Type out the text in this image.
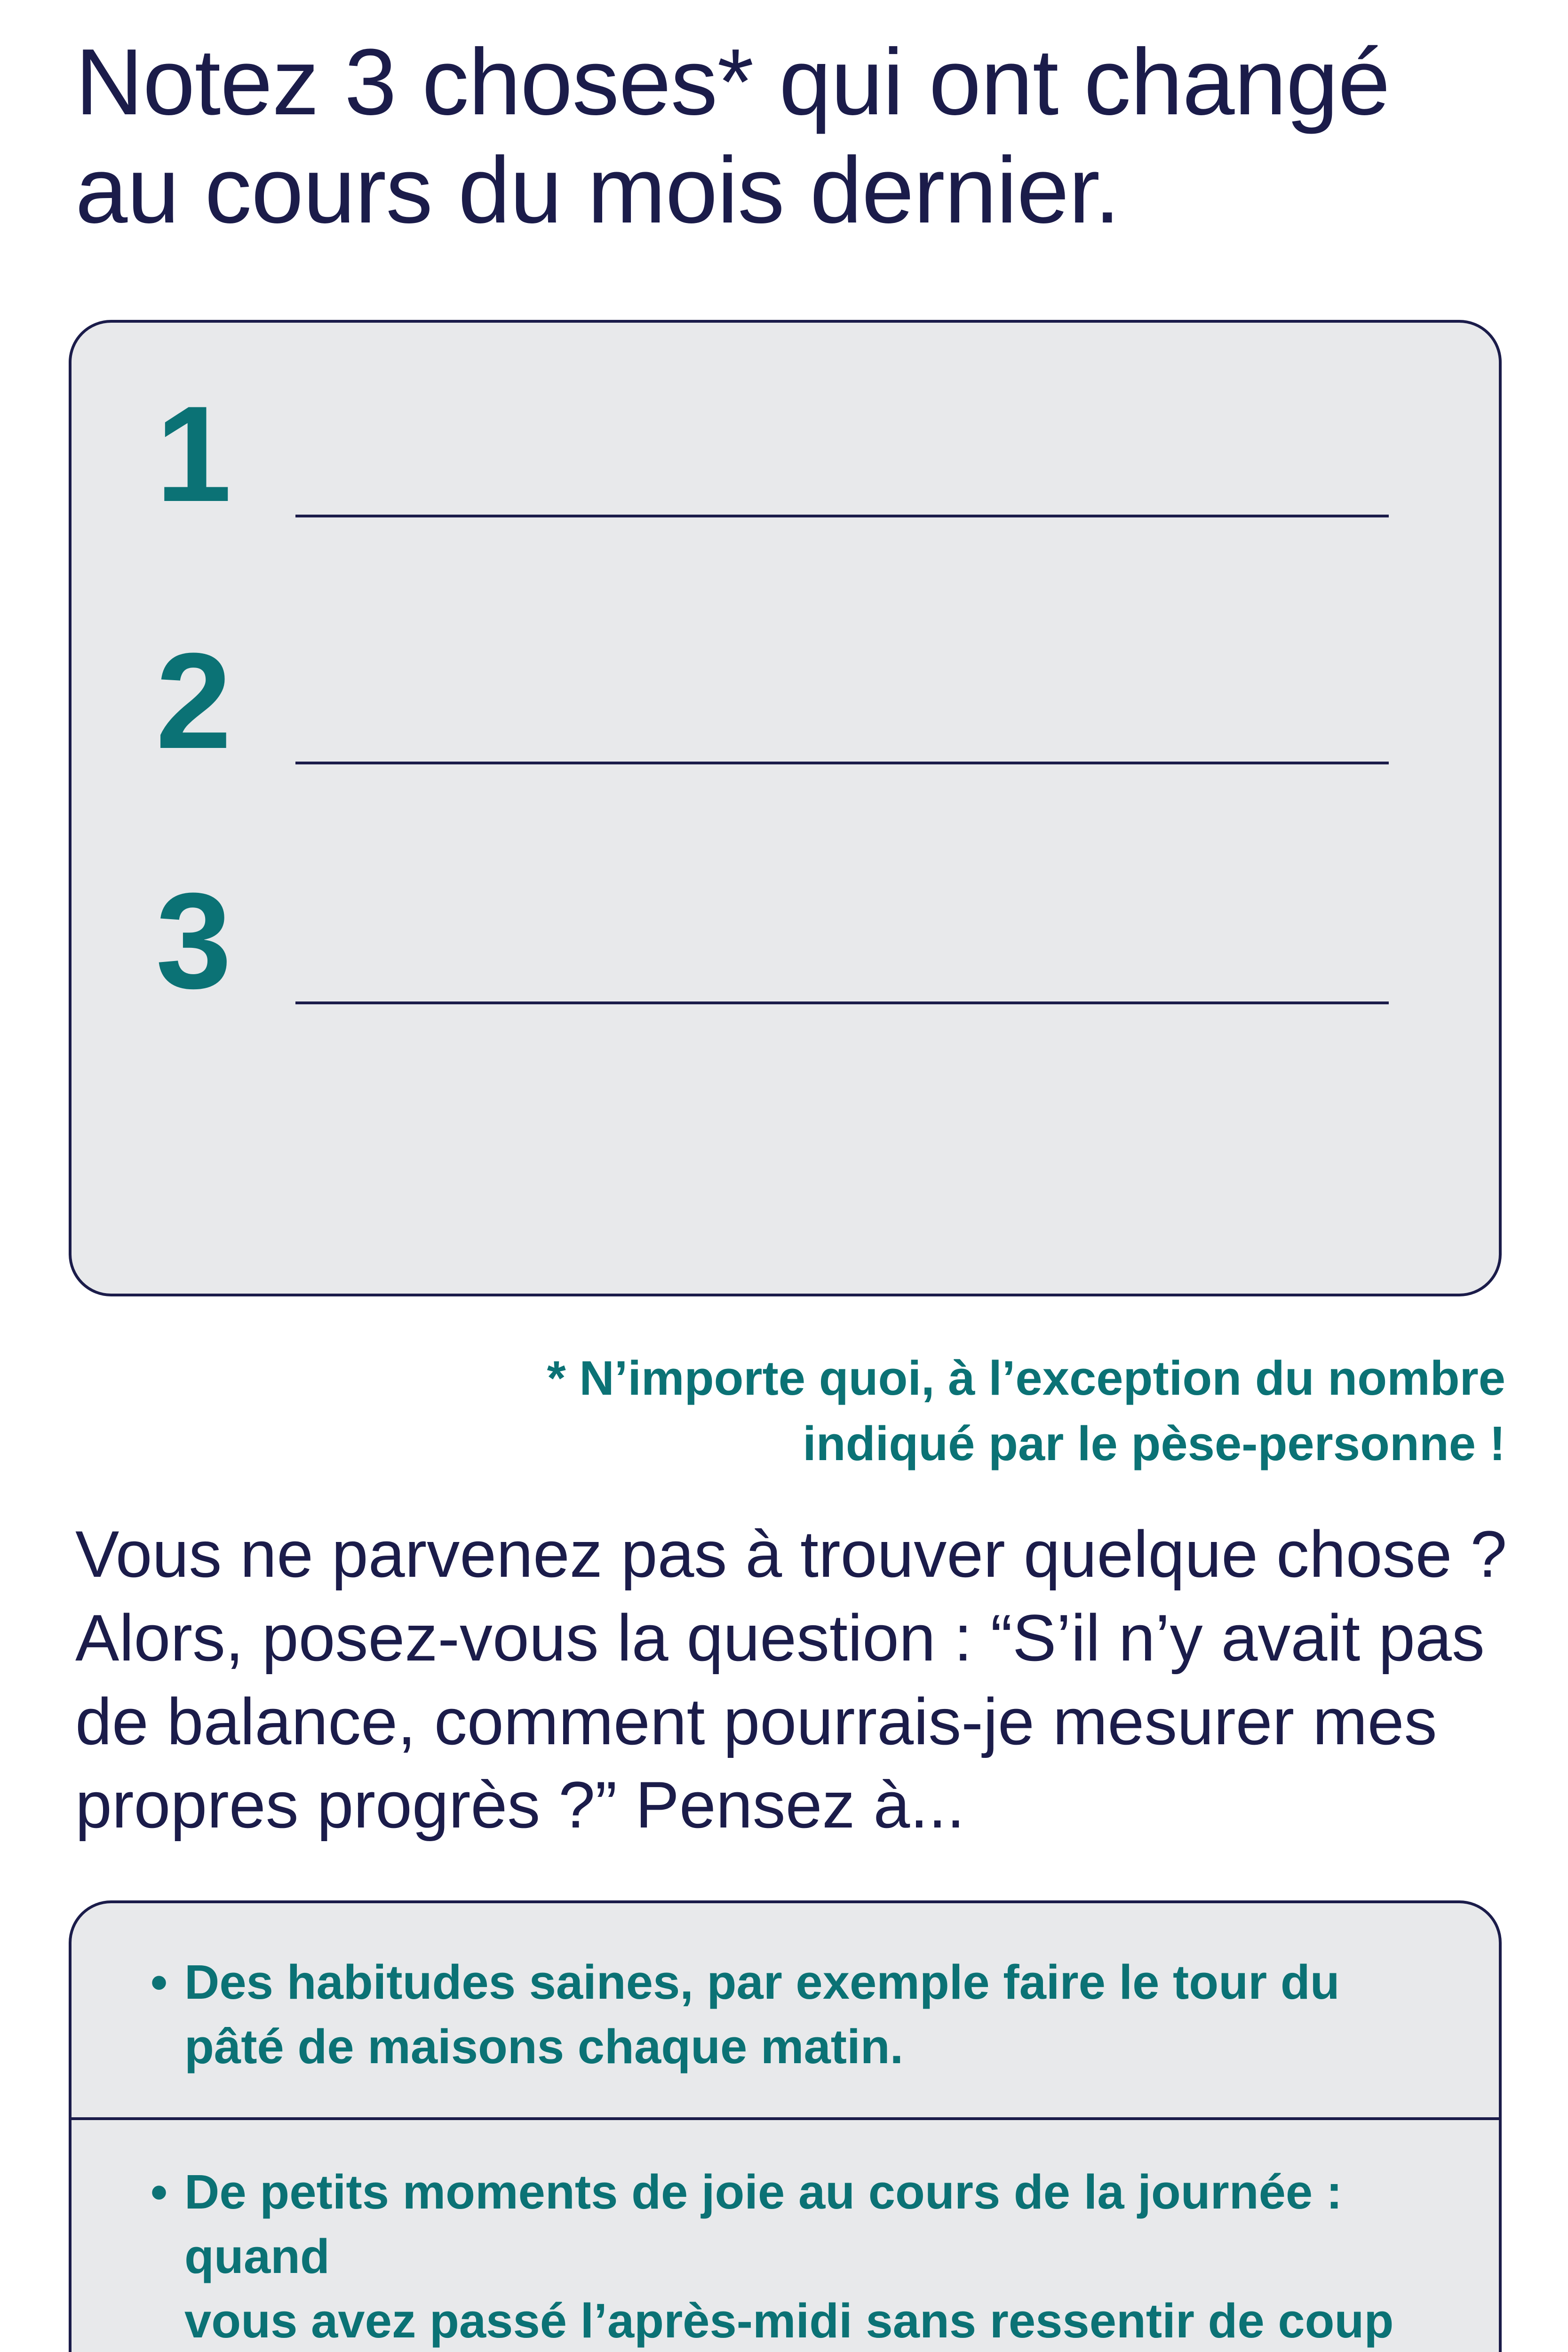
Notez 3 choses* qui ont changé
au cours du mois dernier.
1
2
3

* N’importe quoi, à l’exception du nombre
indiqué par le pèse-personne !

Vous ne parvenez pas à trouver quelque chose ?
Alors, posez-vous la question : “S’il n’y avait pas
de balance, comment pourrais-je mesurer mes
propres progrès ?” Pensez à...

• Des habitudes saines, par exemple faire le tour du
pâté de maisons chaque matin.
• De petits moments de joie au cours de la journée : quand
vous avez passé l’après-midi sans ressentir de coup
